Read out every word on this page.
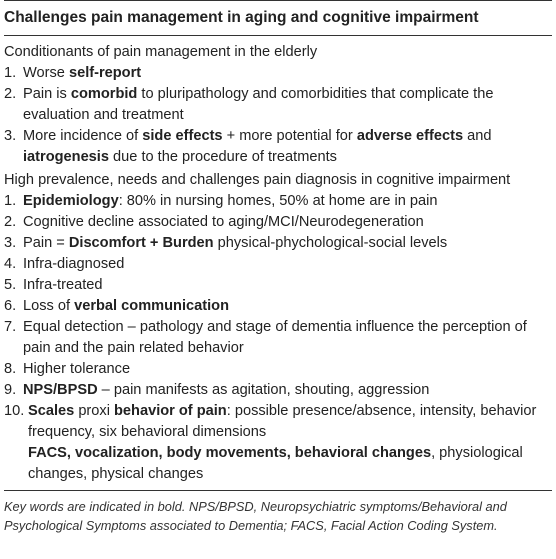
Challenges pain management in aging and cognitive impairment
Conditionants of pain management in the elderly
1. Worse self-report
2. Pain is comorbid to pluripathology and comorbidities that complicate the evaluation and treatment
3. More incidence of side effects + more potential for adverse effects and iatrogenesis due to the procedure of treatments
High prevalence, needs and challenges pain diagnosis in cognitive impairment
1. Epidemiology: 80% in nursing homes, 50% at home are in pain
2. Cognitive decline associated to aging/MCI/Neurodegeneration
3. Pain = Discomfort + Burden physical-phychological-social levels
4. Infra-diagnosed
5. Infra-treated
6. Loss of verbal communication
7. Equal detection – pathology and stage of dementia influence the perception of pain and the pain related behavior
8. Higher tolerance
9. NPS/BPSD – pain manifests as agitation, shouting, aggression
10. Scales proxi behavior of pain: possible presence/absence, intensity, behavior frequency, six behavioral dimensions
FACS, vocalization, body movements, behavioral changes, physiological changes, physical changes
Key words are indicated in bold. NPS/BPSD, Neuropsychiatric symptoms/Behavioral and Psychological Symptoms associated to Dementia; FACS, Facial Action Coding System.
